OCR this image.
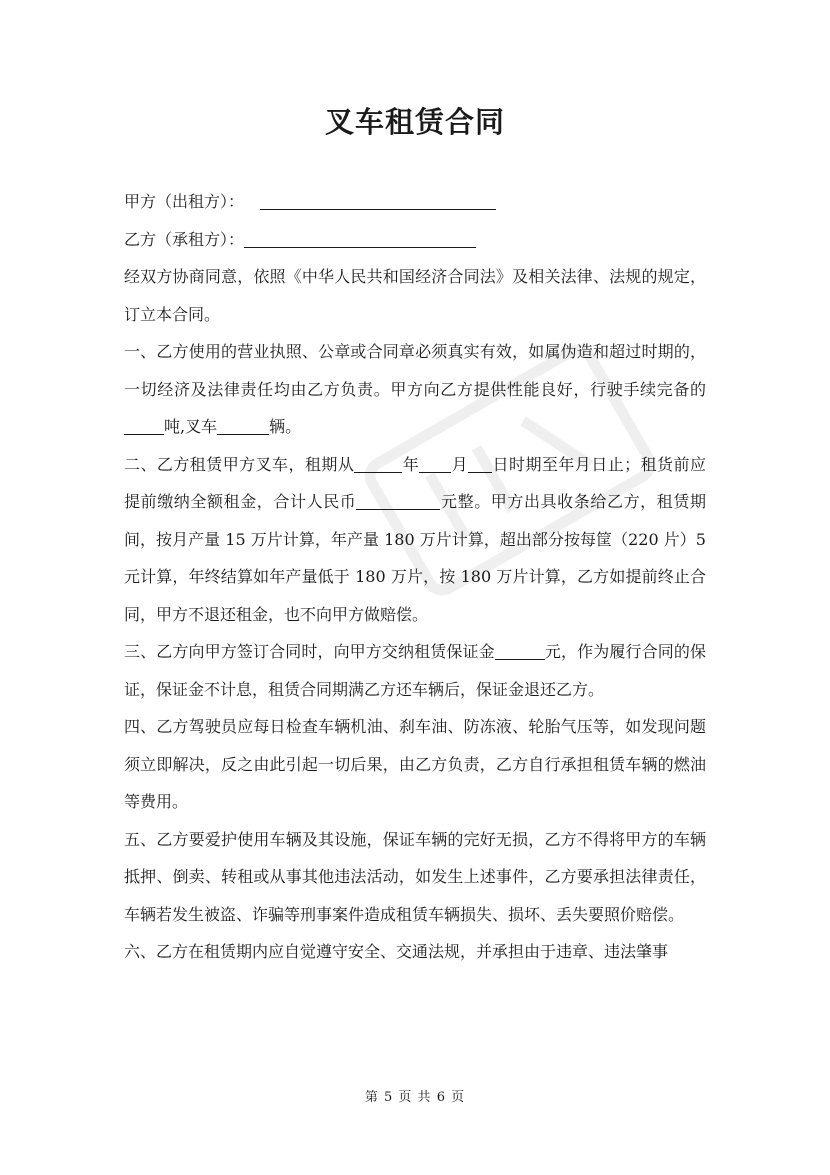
叉车租赁合同

甲方（出租方）：

乙方（承租方）：

经双方协商同意，依照《中华人民共和国经济合同法》及相关法律、法规的规定，订立本合同。

一、乙方使用的营业执照、公章或合同章必须真实有效，如属伪造和超过时期的，一切经济及法律责任均由乙方负责。甲方向乙方提供性能良好，行驶手续完备的吨,叉车	辆。

二、乙方租赁甲方叉车，租期从	年 月 日时期至年月日止；租货前应提前缴纳全额租金，合计人民币	元整。甲方出具收条给乙方，租赁期间，按月产量 15 万片计算，年产量 180 万片计算，超出部分按每筐（220 片）5 元计算，年终结算如年产量低于 180 万片，按 180 万片计算，乙方如提前终止合同，甲方不退还租金，也不向甲方做赔偿。

三、乙方向甲方签订合同时，向甲方交纳租赁保证金	元，作为履行合同的保证，保证金不计息，租赁合同期满乙方还车辆后，保证金退还乙方。

四、乙方驾驶员应每日检查车辆机油、刹车油、防冻液、轮胎气压等，如发现问题须立即解决，反之由此引起一切后果，由乙方负责，乙方自行承担租赁车辆的燃油等费用。

五、乙方要爱护使用车辆及其设施，保证车辆的完好无损，乙方不得将甲方的车辆抵押、倒卖、转租或从事其他违法活动，如发生上述事件，乙方要承担法律责任，车辆若发生被盗、诈骗等刑事案件造成租赁车辆损失、损坏、丢失要照价赔偿。

六、乙方在租赁期内应自觉遵守安全、交通法规，并承担由于违章、违法肇事

第 5 页 共 6 页
